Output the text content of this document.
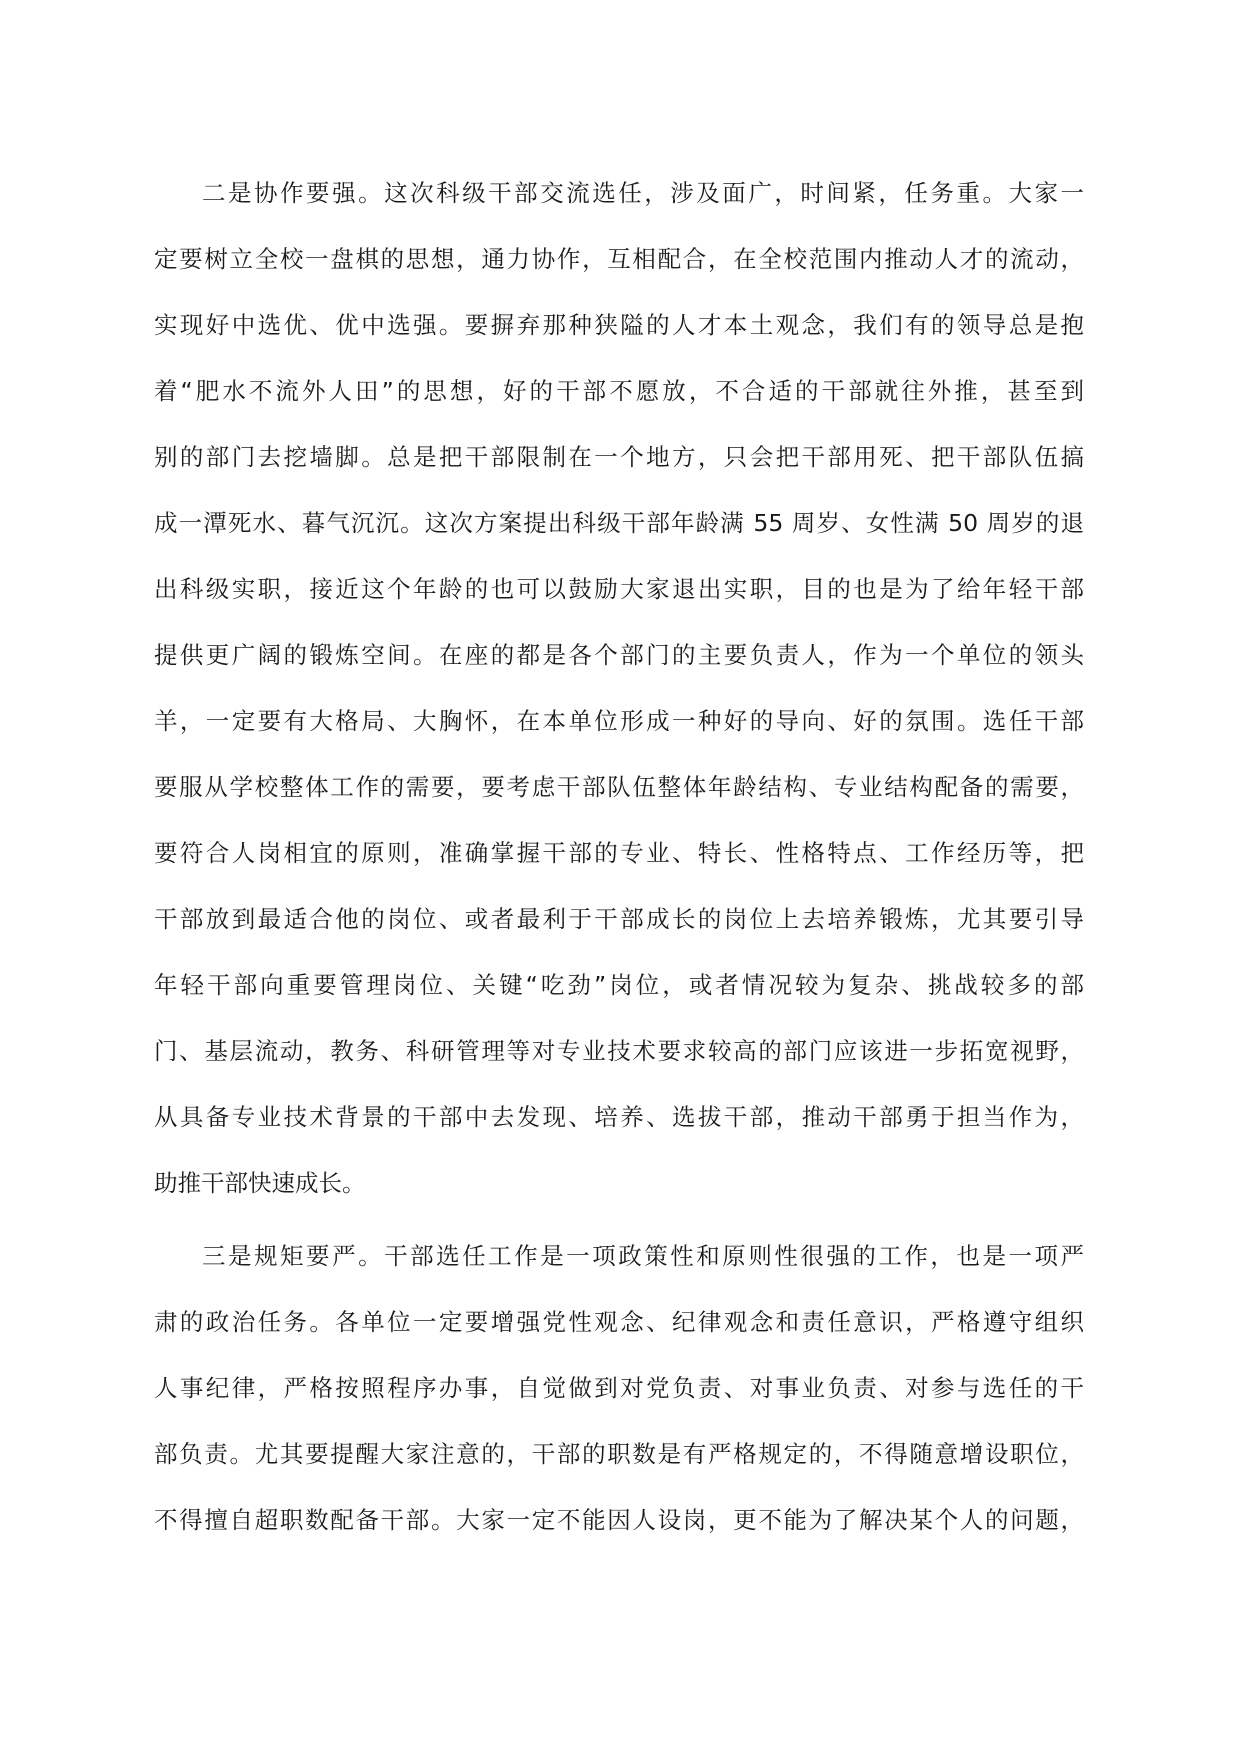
二是协作要强。这次科级干部交流选任，涉及面广，时间紧，任务重。大家一
定要树立全校一盘棋的思想，通力协作，互相配合，在全校范围内推动人才的流动，
实现好中选优、优中选强。要摒弃那种狭隘的人才本土观念，我们有的领导总是抱
着“肥水不流外人田”的思想，好的干部不愿放，不合适的干部就往外推，甚至到
别的部门去挖墙脚。总是把干部限制在一个地方，只会把干部用死、把干部队伍搞
成一潭死水、暮气沉沉。这次方案提出科级干部年龄满 55 周岁、女性满 50 周岁的退
出科级实职，接近这个年龄的也可以鼓励大家退出实职，目的也是为了给年轻干部
提供更广阔的锻炼空间。在座的都是各个部门的主要负责人，作为一个单位的领头
羊，一定要有大格局、大胸怀，在本单位形成一种好的导向、好的氛围。选任干部
要服从学校整体工作的需要，要考虑干部队伍整体年龄结构、专业结构配备的需要，
要符合人岗相宜的原则，准确掌握干部的专业、特长、性格特点、工作经历等，把
干部放到最适合他的岗位、或者最利于干部成长的岗位上去培养锻炼，尤其要引导
年轻干部向重要管理岗位、关键“吃劲”岗位，或者情况较为复杂、挑战较多的部
门、基层流动，教务、科研管理等对专业技术要求较高的部门应该进一步拓宽视野，
从具备专业技术背景的干部中去发现、培养、选拔干部，推动干部勇于担当作为，
助推干部快速成长。

三是规矩要严。干部选任工作是一项政策性和原则性很强的工作，也是一项严
肃的政治任务。各单位一定要增强党性观念、纪律观念和责任意识，严格遵守组织
人事纪律，严格按照程序办事，自觉做到对党负责、对事业负责、对参与选任的干
部负责。尤其要提醒大家注意的，干部的职数是有严格规定的，不得随意增设职位，
不得擅自超职数配备干部。大家一定不能因人设岗，更不能为了解决某个人的问题，
